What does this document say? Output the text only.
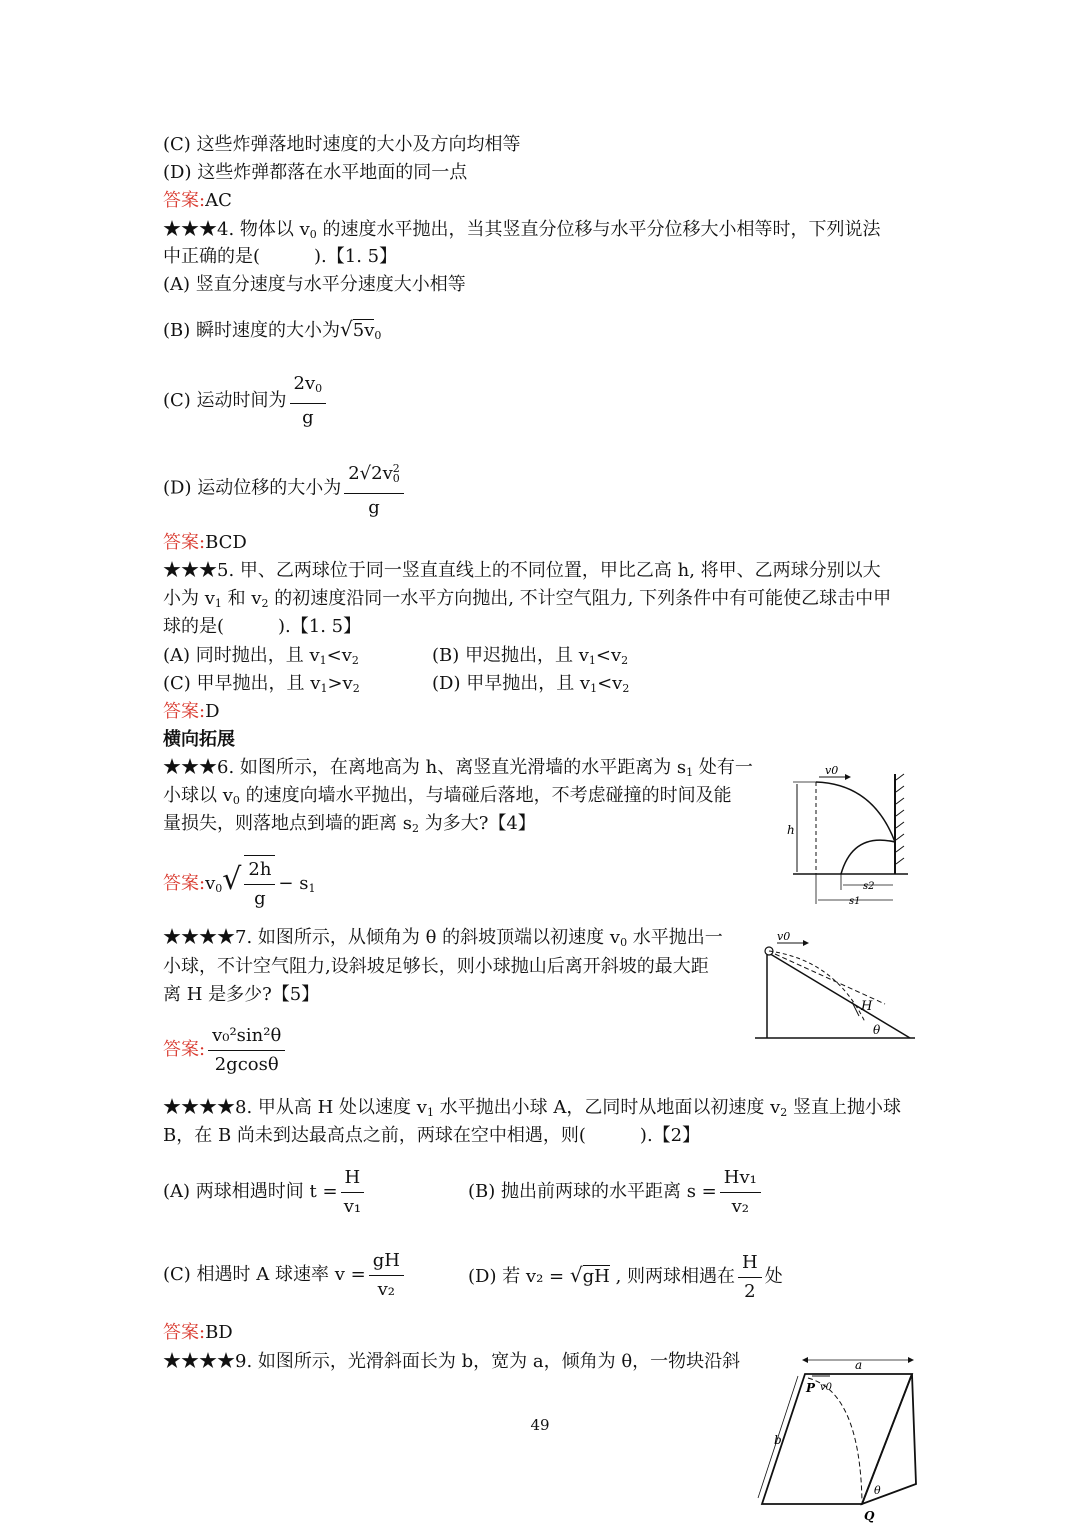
(C) 这些炸弹落地时速度的大小及方向均相等
(D) 这些炸弹都落在水平地面的同一点
答案:AC
★★★4. 物体以 $v_0$ 的速度水平抛出，当其竖直分位移与水平分位移大小相等时，下列说法
中正确的是(　　　).【1. 5】
(A) 竖直分速度与水平分速度大小相等
(B) 瞬时速度的大小为$√5v_0$
(C) 运动时间为 $\frac{2v_0}{g}$
(D) 运动位移的大小为 $\frac{2√2v^2_0}{g}$
答案:BCD
★★★5. 甲、乙两球位于同一竖直直线上的不同位置，甲比乙高 h, 将甲、乙两球分别以大
小为 $v_1$ 和 $v_2$ 的初速度沿同一水平方向抛出, 不计空气阻力, 下列条件中有可能使乙球击中甲
球的是(　　　).【1. 5】
(A) 同时抛出，且 $v_1<v_2$	(B) 甲迟抛出，且 $v_1<v_2$
(C) 甲早抛出，且 $v_1>v_2$	(D) 甲早抛出，且 $v_1<v_2$
答案:D
横向拓展
★★★6. 如图所示，在离地高为 h、离竖直光滑墙的水平距离为 $s_1$ 处有一
小球以 $v_0$ 的速度向墙水平抛出，与墙碰后落地，不考虑碰撞的时间及能
量损失，则落地点到墙的距离 $s_2$ 为多大?【4】
答案$:v_0√ \frac{2h}{g} - s_1$
v0
h
s2
s1
★★★★7. 如图所示，从倾角为 θ 的斜坡顶端以初速度 $v_0$ 水平抛出一
小球，不计空气阻力,设斜坡足够长，则小球抛山后离开斜坡的最大距
离 H 是多少?【5】
答案: $\frac{\text{v₀²sin²θ}}{2gcos\theta}$
v0
H
θ
★★★★8. 甲从高 H 处以速度 $v_1$ 水平抛出小球 A，乙同时从地面以初速度 $v_2$ 竖直上抛小球
B，在 B 尚未到达最高点之前，两球在空中相遇，则(　　　).【2】
(A) 两球相遇时间 $t = \frac{H}{\text{v₁}}$	(B) 抛出前两球的水平距离 $s = \frac{\text{Hv₁}}{\text{v₂}}$
(C) 相遇时 A 球速率 $v = \frac{gH}{\text{v₂}}$	(D) 若 v₂ = √gH , 则两球相遇在 $\frac{H}{2}$ 处
答案:BD
★★★★9. 如图所示，光滑斜面长为 b，宽为 a，倾角为 θ，一物块沿斜	a
b
P v0
θ
Q
49
